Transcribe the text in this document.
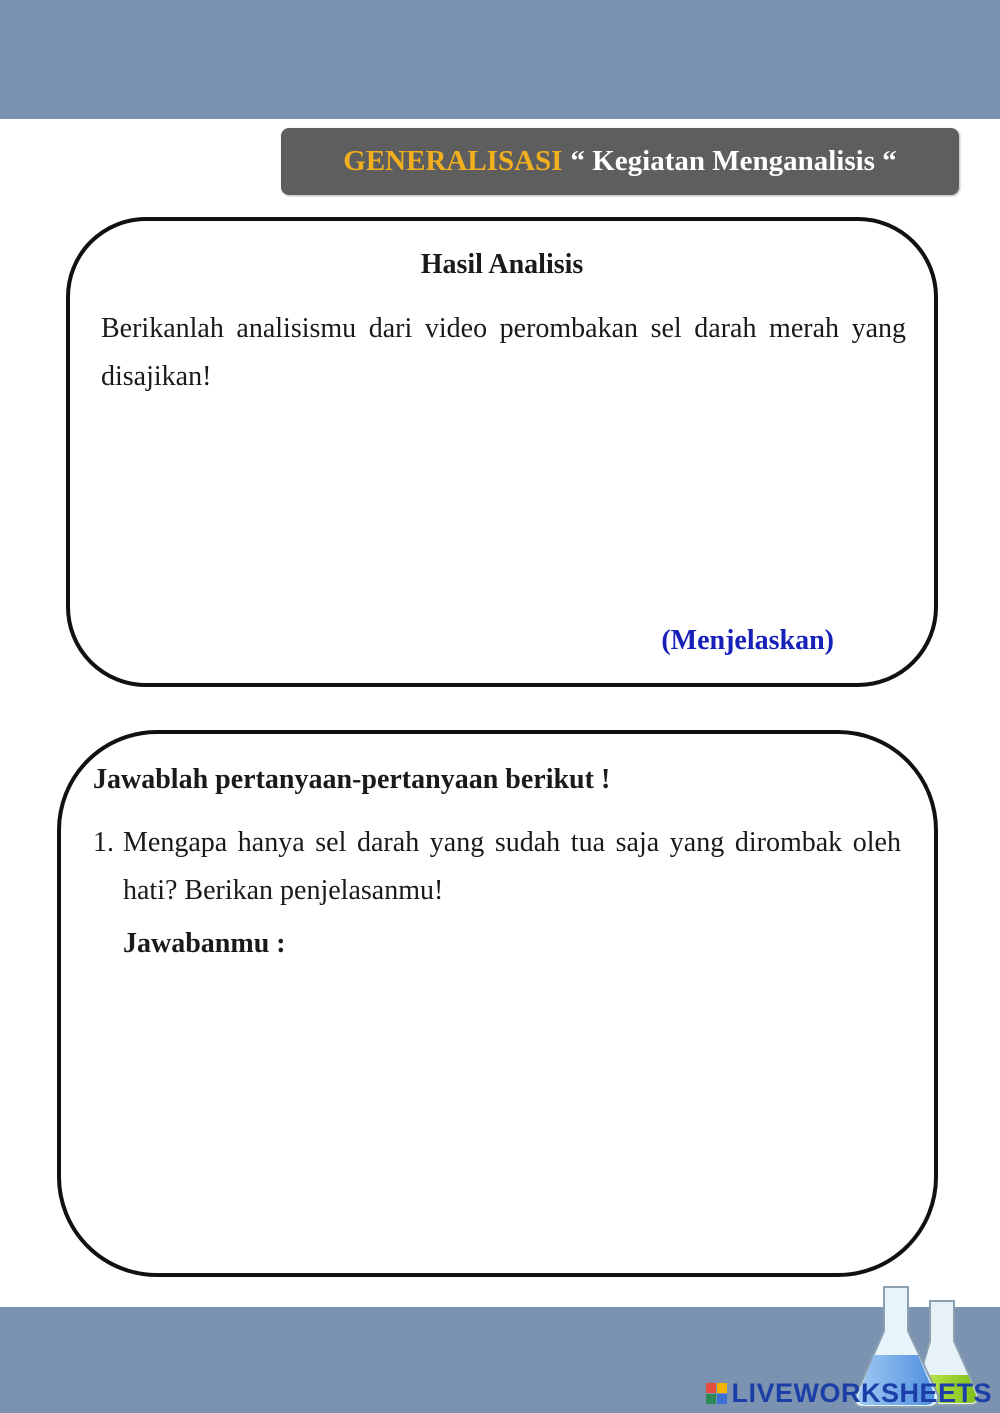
GENERALISASI “ Kegiatan Menganalisis “
Hasil Analisis
Berikanlah analisismu dari video perombakan sel darah merah yang disajikan!
(Menjelaskan)
Jawablah pertanyaan-pertanyaan berikut !
1. Mengapa hanya sel darah yang sudah tua saja yang dirombak oleh hati? Berikan penjelasanmu!
Jawabanmu :
LIVEWORKSHEETS
